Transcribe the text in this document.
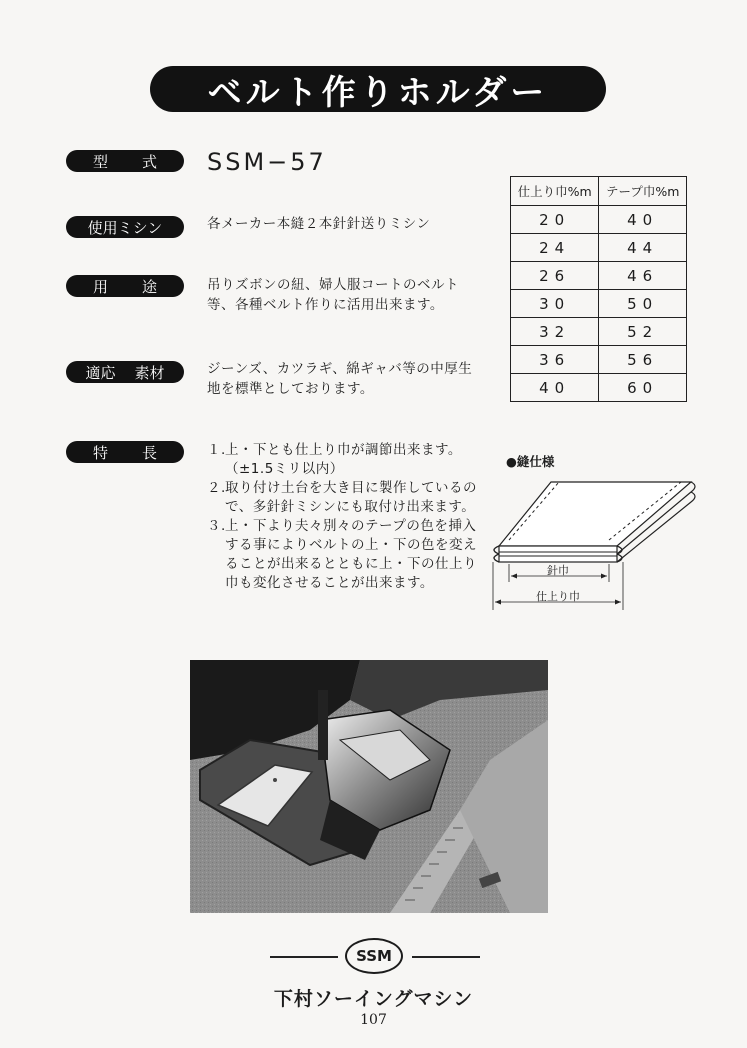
ベルト作りホルダー
型 式 SSM−57
使用ミシン	各メーカー本縫２本針針送りミシン
用 途	吊りズボンの紐、婦人服コートのベルト等、各種ベルト作りに活用出来ます。
適応 素材	ジーンズ、カツラギ、綿ギャバ等の中厚生地を標準としております。
特 長	１. 上・下とも仕上り巾が調節出来ます。（±1.5ミリ以内）
２. 取り付け土台を大き目に製作しているので、多針針ミシンにも取付け出来ます。
３. 上・下より夫々別々のテープの色を挿入する事によりベルトの上・下の色を変えることが出来るとともに上・下の仕上り巾も変化させることが出来ます。
仕上り巾%m	テープ巾%m
20	40
24	44
26	46
30	50
32	52
36	56
40	60
●縫仕様
針巾
仕上り巾
SSM
下村ソーイングマシン
107
